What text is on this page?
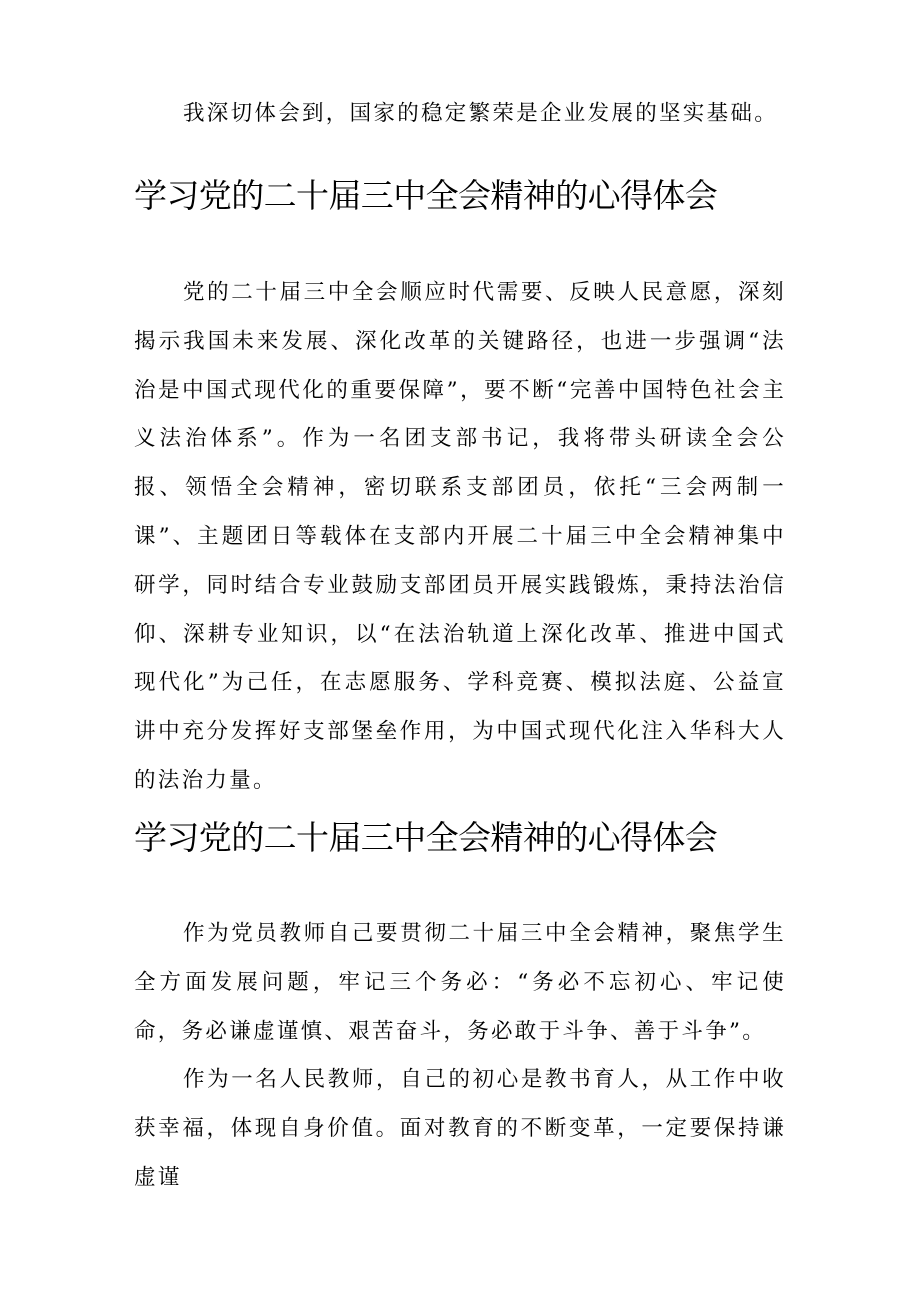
我深切体会到，国家的稳定繁荣是企业发展的坚实基础。

学习党的二十届三中全会精神的心得体会

党的二十届三中全会顺应时代需要、反映人民意愿，深刻揭示我国未来发展、深化改革的关键路径，也进一步强调“法治是中国式现代化的重要保障”，要不断“完善中国特色社会主义法治体系”。作为一名团支部书记，我将带头研读全会公报、领悟全会精神，密切联系支部团员，依托“三会两制一课”、主题团日等载体在支部内开展二十届三中全会精神集中研学，同时结合专业鼓励支部团员开展实践锻炼，秉持法治信仰、深耕专业知识，以“在法治轨道上深化改革、推进中国式现代化”为己任，在志愿服务、学科竞赛、模拟法庭、公益宣讲中充分发挥好支部堡垒作用，为中国式现代化注入华科大人的法治力量。

学习党的二十届三中全会精神的心得体会

作为党员教师自己要贯彻二十届三中全会精神，聚焦学生全方面发展问题，牢记三个务必：“务必不忘初心、牢记使命，务必谦虚谨慎、艰苦奋斗，务必敢于斗争、善于斗争”。

作为一名人民教师，自己的初心是教书育人，从工作中收获幸福，体现自身价值。面对教育的不断变革，一定要保持谦虚谨
